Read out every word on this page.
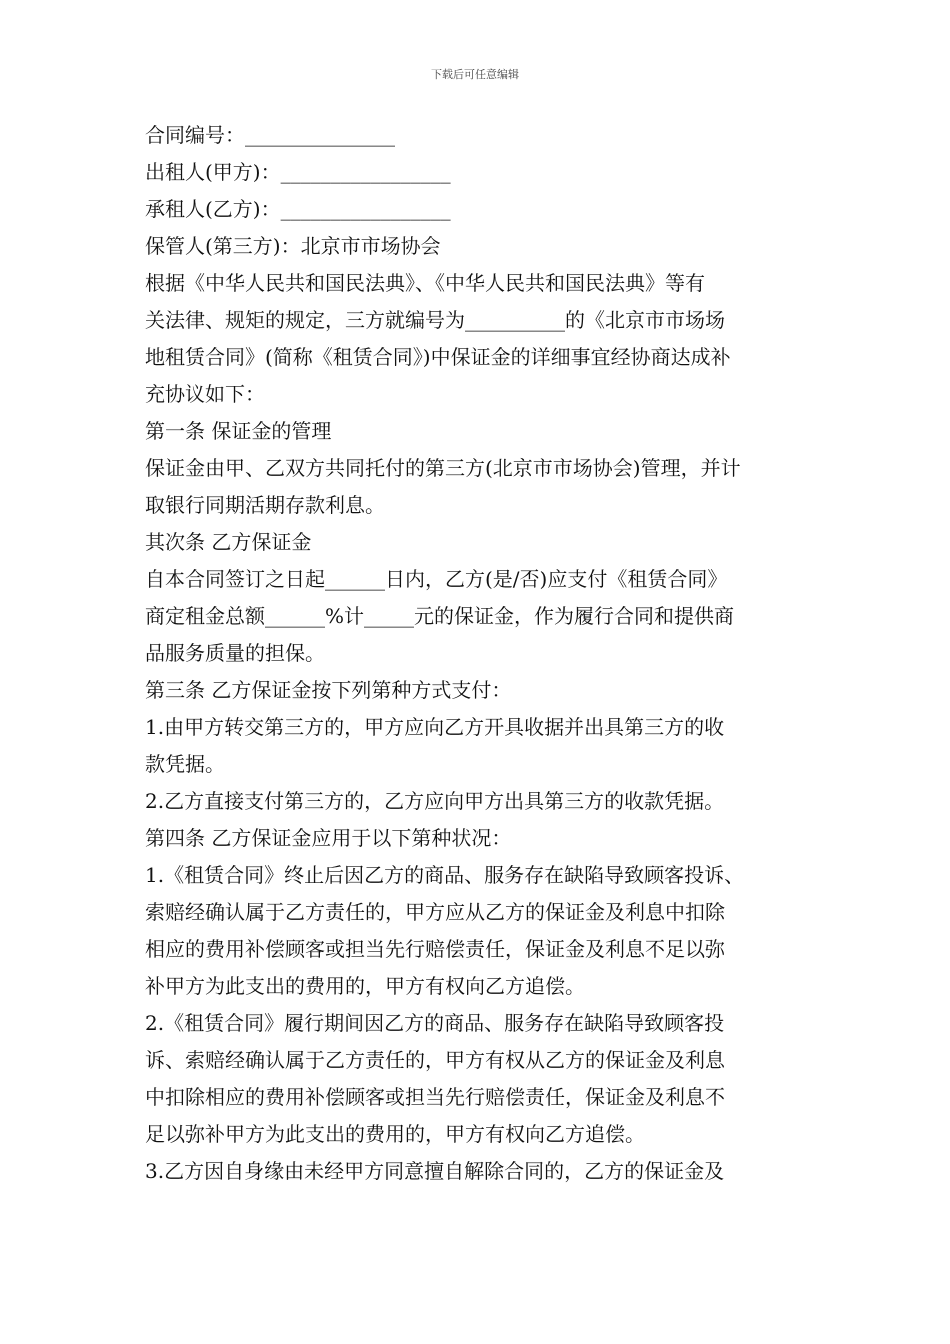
下载后可任意编辑
合同编号：_______________
出租人(甲方)：_________________
承租人(乙方)：_________________
保管人(第三方)：北京市市场协会
根据《中华人民共和国民法典》、《中华人民共和国民法典》等有
关法律、规矩的规定，三方就编号为__________的《北京市市场场
地租赁合同》(简称《租赁合同》)中保证金的详细事宜经协商达成补
充协议如下：
第一条 保证金的管理
保证金由甲、乙双方共同托付的第三方(北京市市场协会)管理，并计
取银行同期活期存款利息。
其次条 乙方保证金
自本合同签订之日起______日内，乙方(是/否)应支付《租赁合同》
商定租金总额______%计_____元的保证金，作为履行合同和提供商
品服务质量的担保。
第三条 乙方保证金按下列第种方式支付：
1.由甲方转交第三方的，甲方应向乙方开具收据并出具第三方的收
款凭据。
2.乙方直接支付第三方的，乙方应向甲方出具第三方的收款凭据。
第四条 乙方保证金应用于以下第种状况：
1.《租赁合同》终止后因乙方的商品、服务存在缺陷导致顾客投诉、
索赔经确认属于乙方责任的，甲方应从乙方的保证金及利息中扣除
相应的费用补偿顾客或担当先行赔偿责任，保证金及利息不足以弥
补甲方为此支出的费用的，甲方有权向乙方追偿。
2.《租赁合同》履行期间因乙方的商品、服务存在缺陷导致顾客投
诉、索赔经确认属于乙方责任的，甲方有权从乙方的保证金及利息
中扣除相应的费用补偿顾客或担当先行赔偿责任，保证金及利息不
足以弥补甲方为此支出的费用的，甲方有权向乙方追偿。
3.乙方因自身缘由未经甲方同意擅自解除合同的，乙方的保证金及
